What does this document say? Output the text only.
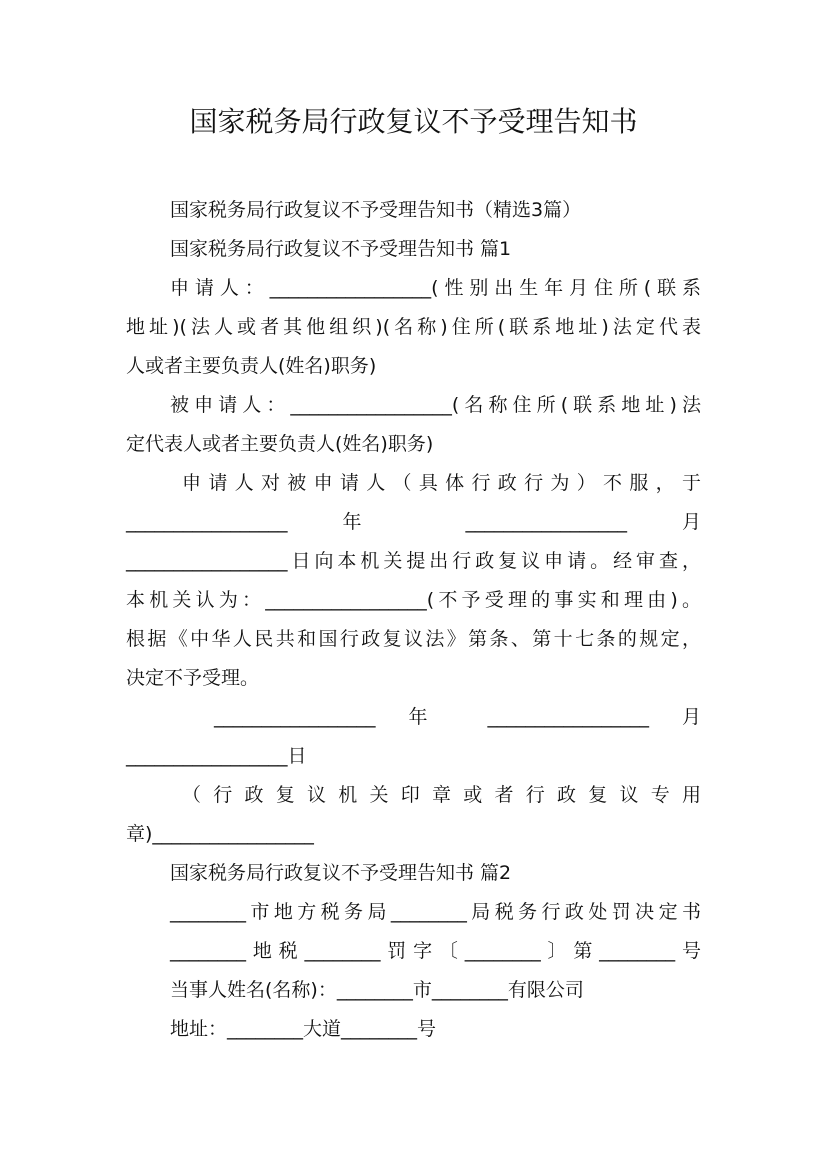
国家税务局行政复议不予受理告知书

国家税务局行政复议不予受理告知书（精选3篇）

国家税务局行政复议不予受理告知书 篇1

申请人：_________________(性别出生年月住所(联系

地址)(法人或者其他组织)(名称)住所(联系地址)法定代表

人或者主要负责人(姓名)职务)

被申请人：_________________(名称住所(联系地址)法

定代表人或者主要负责人(姓名)职务)

申请人对被申请人（具体行政行为）不服，于

_________________ 年 _________________ 月

_________________日向本机关提出行政复议申请。经审查，

本机关认为：_________________(不予受理的事实和理由)。

根据《中华人民共和国行政复议法》第条、第十七条的规定，

决定不予受理。

_________________ 年 _________________ 月

_________________日

（行政复议机关印章或者行政复议专用

章)_________________

国家税务局行政复议不予受理告知书 篇2

________市地方税务局________局税务行政处罚决定书

________地税________罚字〔________〕第________号

当事人姓名(名称)：________市________有限公司

地址：________大道________号
